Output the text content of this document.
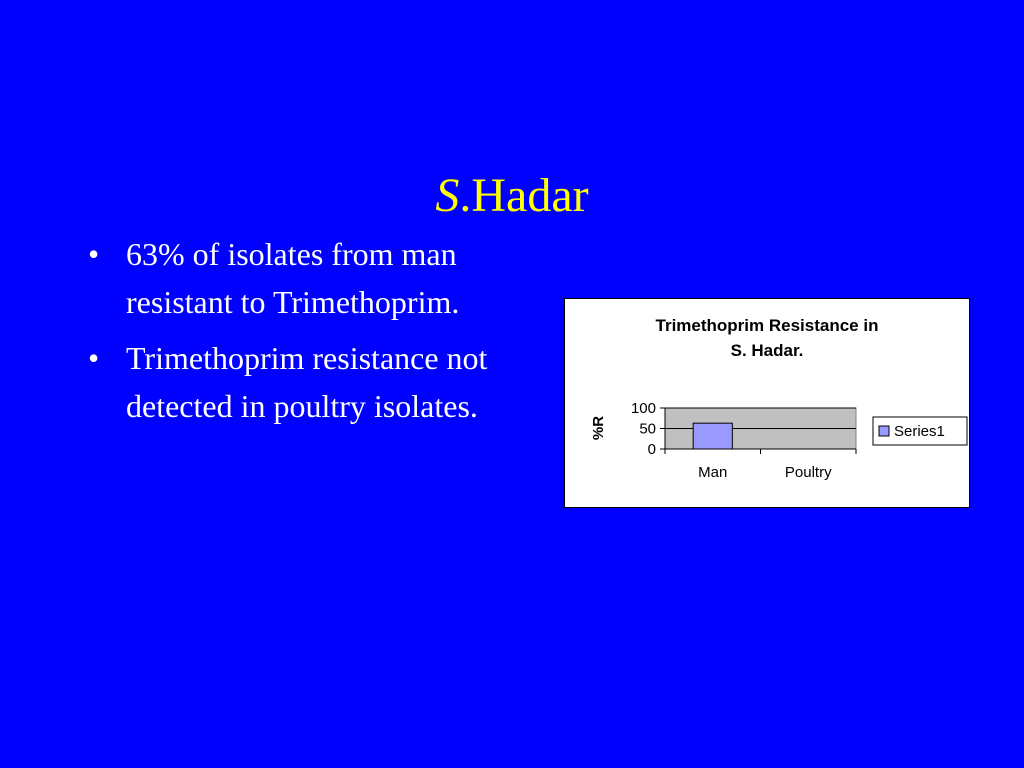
S.Hadar
• 63% of isolates from man resistant to Trimethoprim.
• Trimethoprim resistance not detected in poultry isolates.
Trimethoprim Resistance in
S. Hadar.
0
50
100
Man	Poultry
%R	Series1
